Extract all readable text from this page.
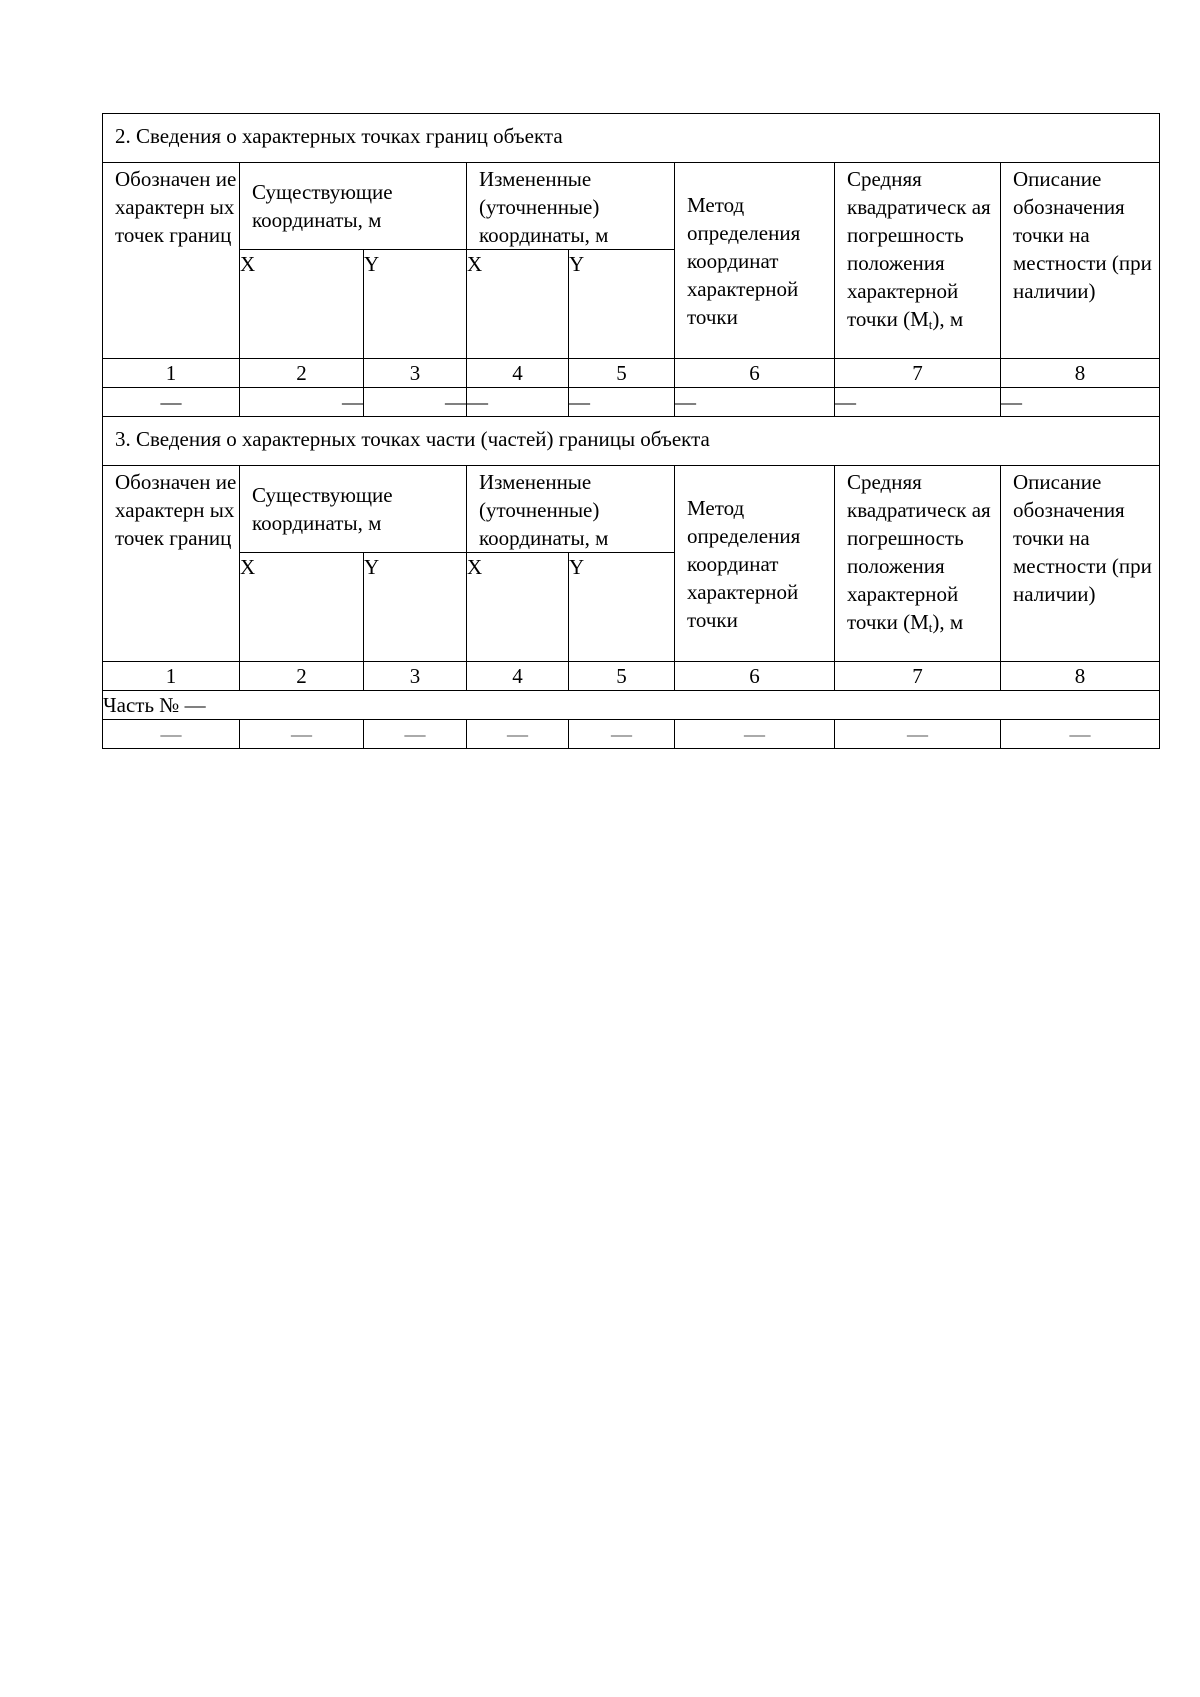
2. Сведения о характерных точках границ объекта							

Обозначен ие характерн ых точек границ	Существующие координаты, м		Измененные (уточненные) координаты, м		Метод определения координат характерной точки	Средняя квадратическ ая погрешность положения характерной точки $(M_t)$, м	Описание обозначения точки на местности (при наличии)

	X	Y	X	Y			
1	2	3	4	5	6	7	8
—	—	—	—	—	—	—	—
3. Сведения о характерных точках части (частей) границы объекта							

Обозначен ие характерн ых точек границ	Существующие координаты, м		Измененные (уточненные) координаты, м		Метод определения координат характерной точки	Средняя квадратическ ая погрешность положения характерной точки $(M_t)$, м	Описание обозначения точки на местности (при наличии)

	X	Y	X	Y			
1	2	3	4	5	6	7	8
Часть № —							
—	—	—	—	—	—	—	—
